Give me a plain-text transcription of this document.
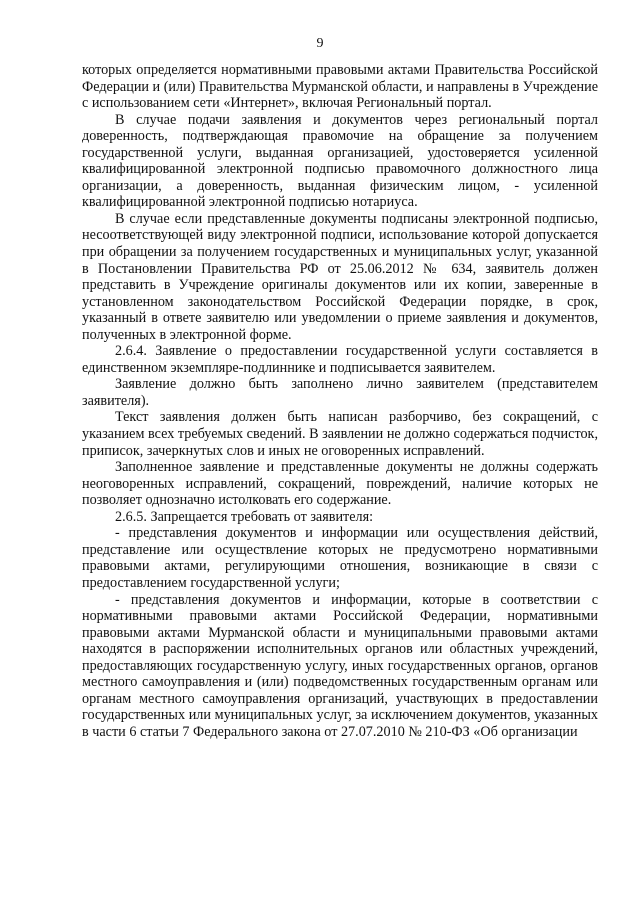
9

которых определяется нормативными правовыми актами Правительства Российской Федерации и (или) Правительства Мурманской области, и направлены в Учреждение с использованием сети «Интернет», включая Региональный портал.

В случае подачи заявления и документов через региональный портал доверенность, подтверждающая правомочие на обращение за получением государственной услуги, выданная организацией, удостоверяется усиленной квалифицированной электронной подписью правомочного должностного лица организации, а доверенность, выданная физическим лицом, - усиленной квалифицированной электронной подписью нотариуса.

В случае если представленные документы подписаны электронной подписью, несоответствующей виду электронной подписи, использование которой допускается при обращении за получением государственных и муниципальных услуг, указанной в Постановлении Правительства РФ от 25.06.2012 № 634, заявитель должен представить в Учреждение оригиналы документов или их копии, заверенные в установленном законодательством Российской Федерации порядке, в срок, указанный в ответе заявителю или уведомлении о приеме заявления и документов, полученных в электронной форме.

2.6.4. Заявление о предоставлении государственной услуги составляется в единственном экземпляре-подлиннике и подписывается заявителем.

Заявление должно быть заполнено лично заявителем (представителем заявителя).

Текст заявления должен быть написан разборчиво, без сокращений, с указанием всех требуемых сведений. В заявлении не должно содержаться подчисток, приписок, зачеркнутых слов и иных не оговоренных исправлений.

Заполненное заявление и представленные документы не должны содержать неоговоренных исправлений, сокращений, повреждений, наличие которых не позволяет однозначно истолковать его содержание.

2.6.5. Запрещается требовать от заявителя:

- представления документов и информации или осуществления действий, представление или осуществление которых не предусмотрено нормативными правовыми актами, регулирующими отношения, возникающие в связи с предоставлением государственной услуги;

- представления документов и информации, которые в соответствии с нормативными правовыми актами Российской Федерации, нормативными правовыми актами Мурманской области и муниципальными правовыми актами находятся в распоряжении исполнительных органов или областных учреждений, предоставляющих государственную услугу, иных государственных органов, органов местного самоуправления и (или) подведомственных государственным органам или органам местного самоуправления организаций, участвующих в предоставлении государственных или муниципальных услуг, за исключением документов, указанных в части 6 статьи 7 Федерального закона от 27.07.2010 № 210-ФЗ «Об организации
